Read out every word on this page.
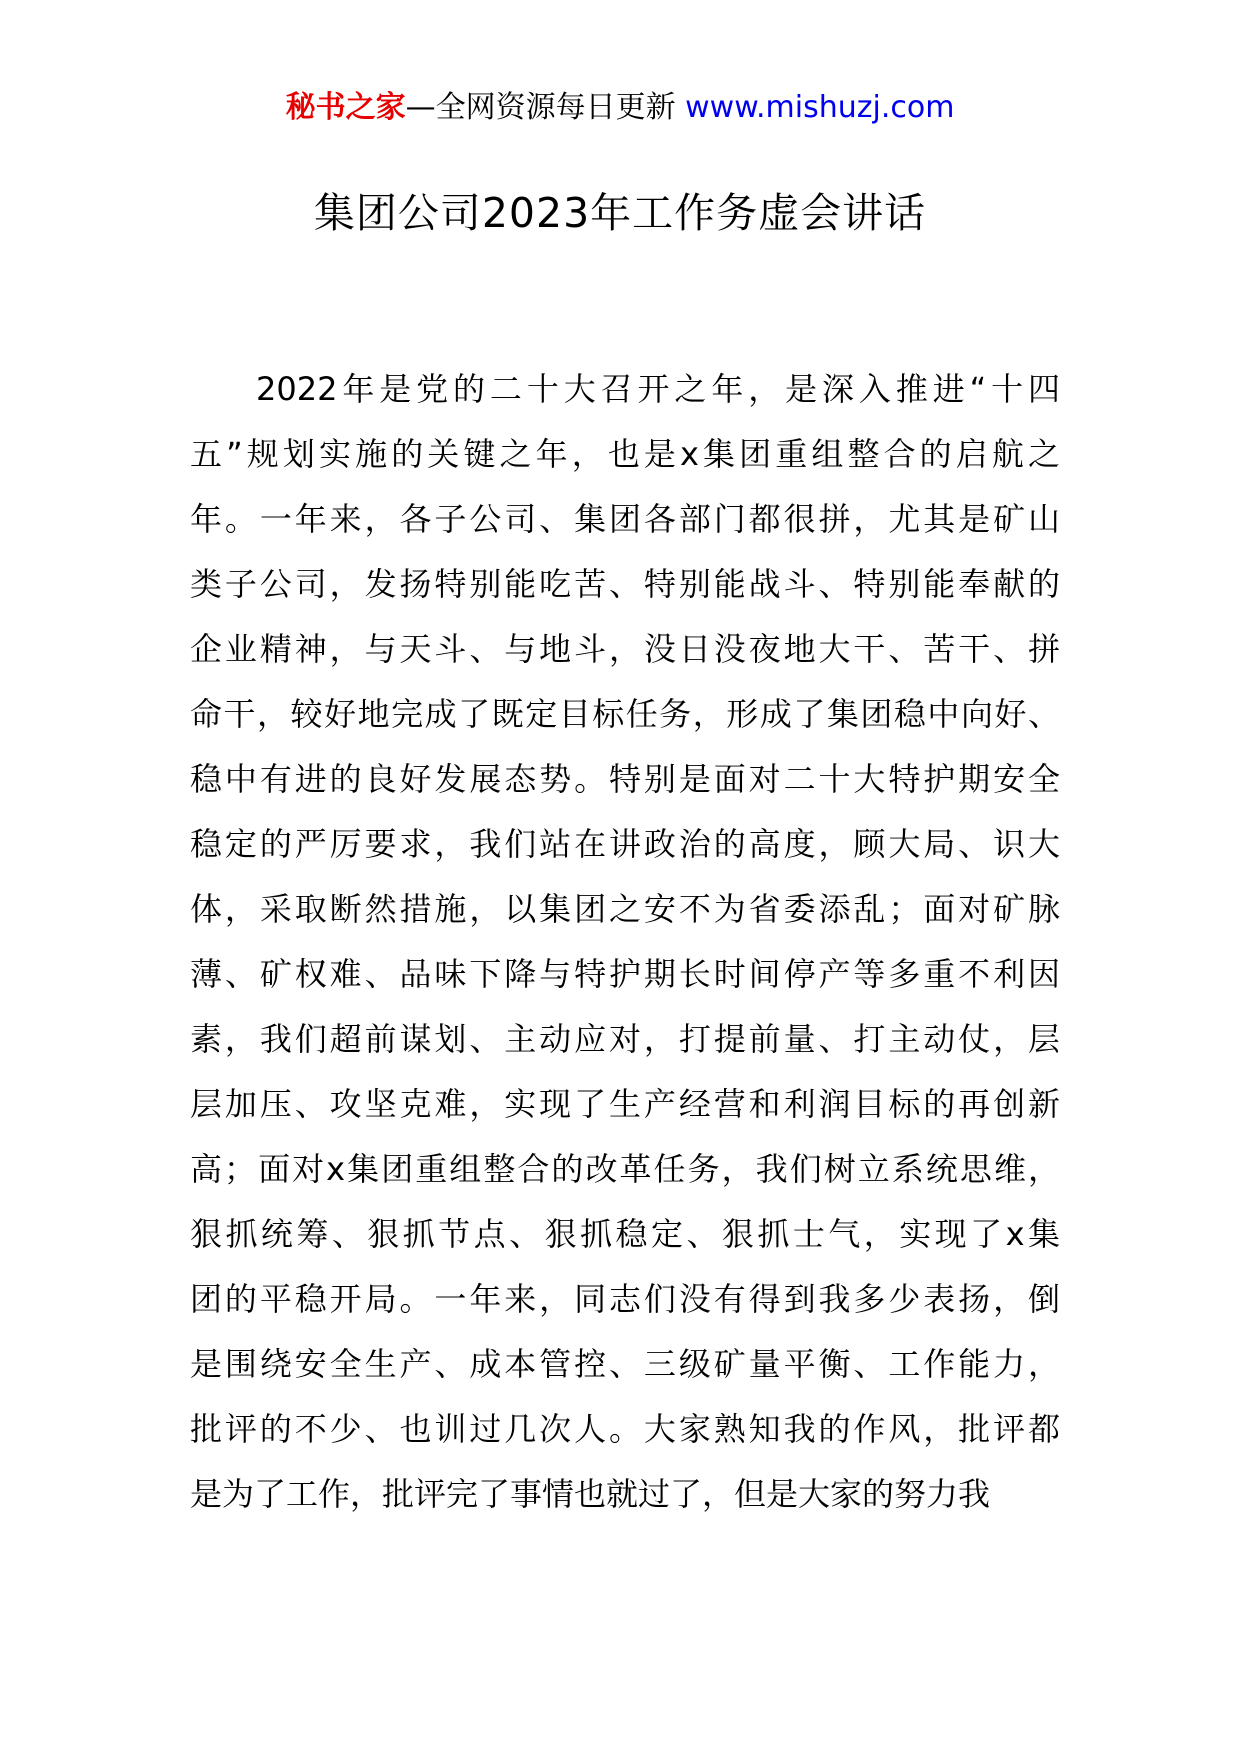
秘书之家—全网资源每日更新 www.mishuzj.com
集团公司2023年工作务虚会讲话
2022年是党的二十大召开之年，是深入推进“十四
五”规划实施的关键之年，也是x集团重组整合的启航之
年。一年来，各子公司、集团各部门都很拼，尤其是矿山
类子公司，发扬特别能吃苦、特别能战斗、特别能奉献的
企业精神，与天斗、与地斗，没日没夜地大干、苦干、拼
命干，较好地完成了既定目标任务，形成了集团稳中向好、
稳中有进的良好发展态势。特别是面对二十大特护期安全
稳定的严厉要求，我们站在讲政治的高度，顾大局、识大
体，采取断然措施，以集团之安不为省委添乱；面对矿脉
薄、矿权难、品味下降与特护期长时间停产等多重不利因
素，我们超前谋划、主动应对，打提前量、打主动仗，层
层加压、攻坚克难，实现了生产经营和利润目标的再创新
高；面对x集团重组整合的改革任务，我们树立系统思维，
狠抓统筹、狠抓节点、狠抓稳定、狠抓士气，实现了x集
团的平稳开局。一年来，同志们没有得到我多少表扬，倒
是围绕安全生产、成本管控、三级矿量平衡、工作能力，
批评的不少、也训过几次人。大家熟知我的作风，批评都
是为了工作，批评完了事情也就过了，但是大家的努力我
